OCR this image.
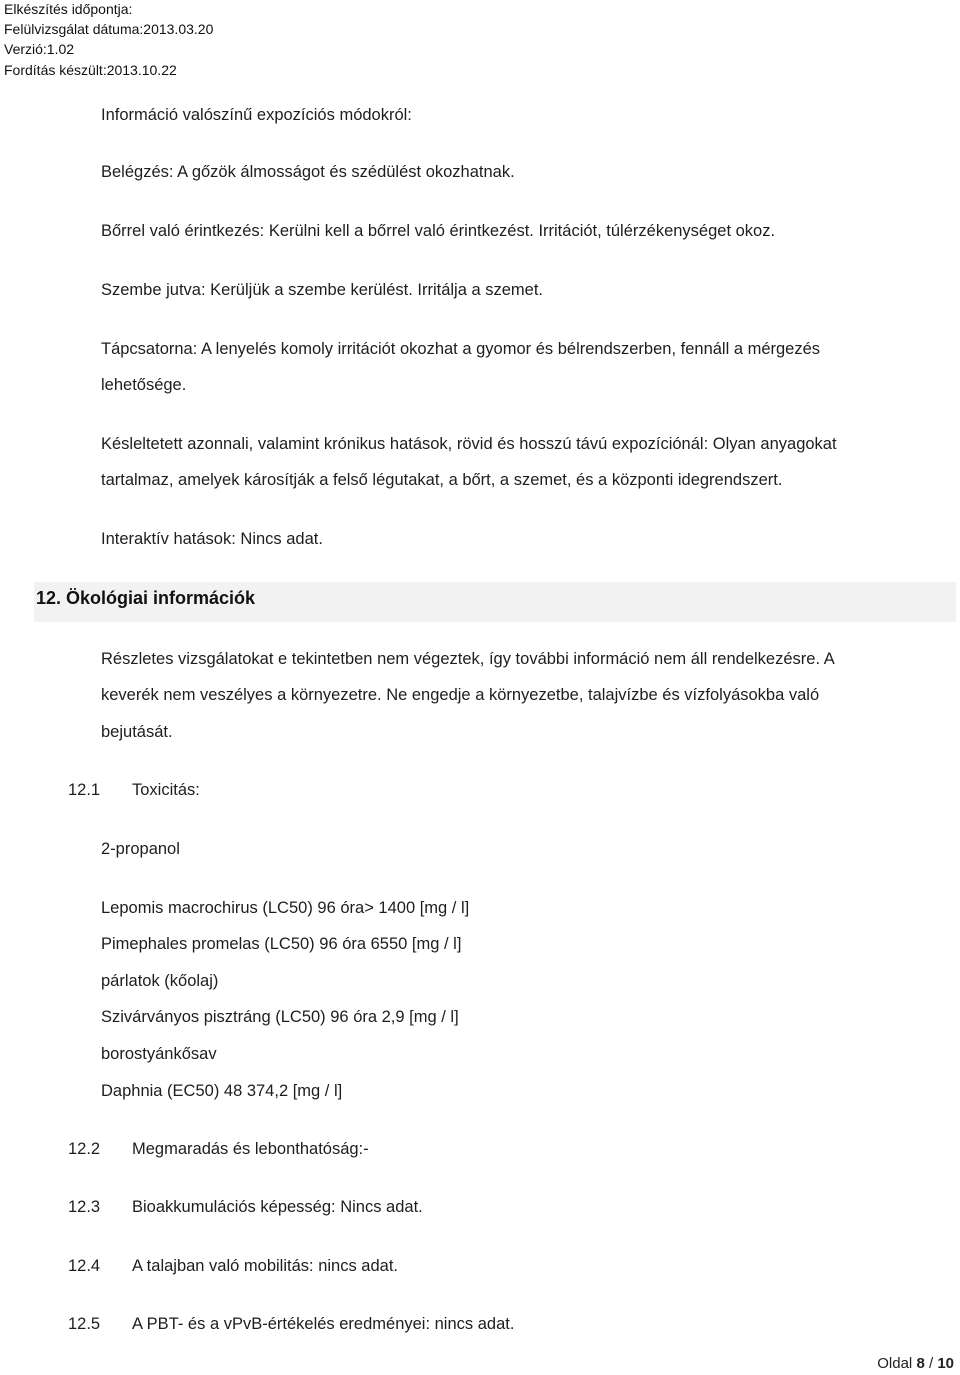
Elkészítés időpontja:
Felülvizsgálat dátuma:2013.03.20
Verzió:1.02
Fordítás készült:2013.10.22
Információ valószínű expozíciós módokról:
Belégzés: A gőzök álmosságot és szédülést okozhatnak.
Bőrrel való érintkezés: Kerülni kell a bőrrel való érintkezést. Irritációt, túlérzékenységet okoz.
Szembe jutva: Kerüljük a szembe kerülést. Irritálja a szemet.
Tápcsatorna: A lenyelés komoly irritációt okozhat a gyomor és bélrendszerben, fennáll a mérgezés
lehetősége.
Késleltetett azonnali, valamint krónikus hatások, rövid és hosszú távú expozíciónál: Olyan anyagokat
tartalmaz, amelyek károsítják a felső légutakat, a bőrt, a szemet, és a központi idegrendszert.
Interaktív hatások: Nincs adat.
12. Ökológiai információk
Részletes vizsgálatokat e tekintetben nem végeztek, így további információ nem áll rendelkezésre. A
keverék nem veszélyes a környezetre. Ne engedje a környezetbe, talajvízbe és vízfolyásokba való
bejutását.
12.1 Toxicitás:
2-propanol
Lepomis macrochirus (LC50) 96 óra> 1400 [mg / l]
Pimephales promelas (LC50) 96 óra 6550 [mg / l]
párlatok (kőolaj)
Szivárványos pisztráng (LC50) 96 óra 2,9 [mg / l]
borostyánkősav
Daphnia (EC50) 48 374,2 [mg / l]
12.2 Megmaradás és lebonthatóság:-
12.3 Bioakkumulációs képesség: Nincs adat.
12.4 A talajban való mobilitás: nincs adat.
12.5 A PBT- és a vPvB-értékelés eredményei: nincs adat.
Oldal 8 / 10
